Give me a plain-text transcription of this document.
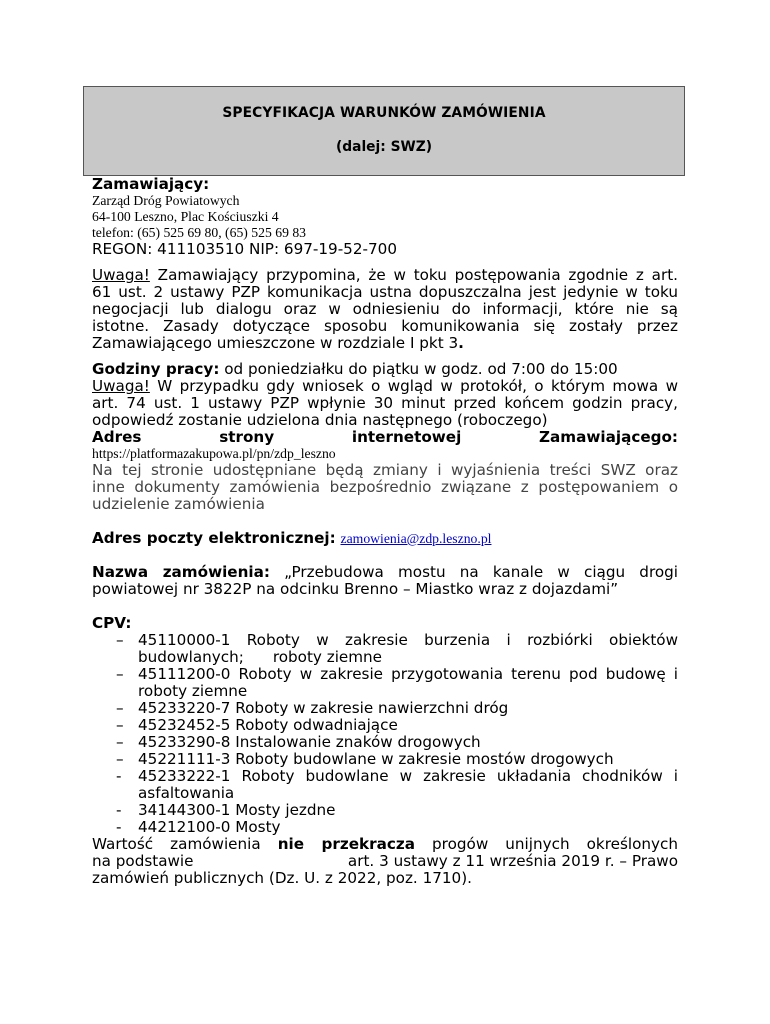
SPECYFIKACJA WARUNKÓW ZAMÓWIENIA
(dalej: SWZ)
Zamawiający:
Zarząd Dróg Powiatowych
64-100 Leszno, Plac Kościuszki 4
telefon: (65) 525 69 80, (65) 525 69 83
REGON: 411103510 NIP: 697-19-52-700
Uwaga! Zamawiający przypomina, że w toku postępowania zgodnie z art.
61 ust. 2 ustawy PZP komunikacja ustna dopuszczalna jest jedynie w toku
negocjacji lub dialogu oraz w odniesieniu do informacji, które nie są
istotne. Zasady dotyczące sposobu komunikowania się zostały przez
Zamawiającego umieszczone w rozdziale I pkt 3.
Godziny pracy: od poniedziałku do piątku w godz. od 7:00 do 15:00
Uwaga! W przypadku gdy wniosek o wgląd w protokół, o którym mowa w
art. 74 ust. 1 ustawy PZP wpłynie 30 minut przed końcem godzin pracy,
odpowiedź zostanie udzielona dnia następnego (roboczego)
Adres strony internetowej Zamawiającego:
https://platformazakupowa.pl/pn/zdp_leszno
Na tej stronie udostępniane będą zmiany i wyjaśnienia treści SWZ oraz
inne dokumenty zamówienia bezpośrednio związane z postępowaniem o
udzielenie zamówienia
Adres poczty elektronicznej: zamowienia@zdp.leszno.pl
Nazwa zamówienia: „Przebudowa mostu na kanale w ciągu drogi
powiatowej nr 3822P na odcinku Brenno – Miastko wraz z dojazdami”
CPV:
– 45110000-1 Roboty w zakresie burzenia i rozbiórki obiektów
budowlanych;      roboty ziemne
– 45111200-0 Roboty w zakresie przygotowania terenu pod budowę i
roboty ziemne
– 45233220-7 Roboty w zakresie nawierzchni dróg
– 45232452-5 Roboty odwadniające
– 45233290-8 Instalowanie znaków drogowych
– 45221111-3 Roboty budowlane w zakresie mostów drogowych
- 45233222-1 Roboty budowlane w zakresie układania chodników i
asfaltowania
- 34144300-1 Mosty jezdne
- 44212100-0 Mosty
Wartość zamówienia nie przekracza progów unijnych określonych
na podstawie	art. 3 ustawy z 11 września 2019 r. – Prawo
zamówień publicznych (Dz. U. z 2022, poz. 1710).
